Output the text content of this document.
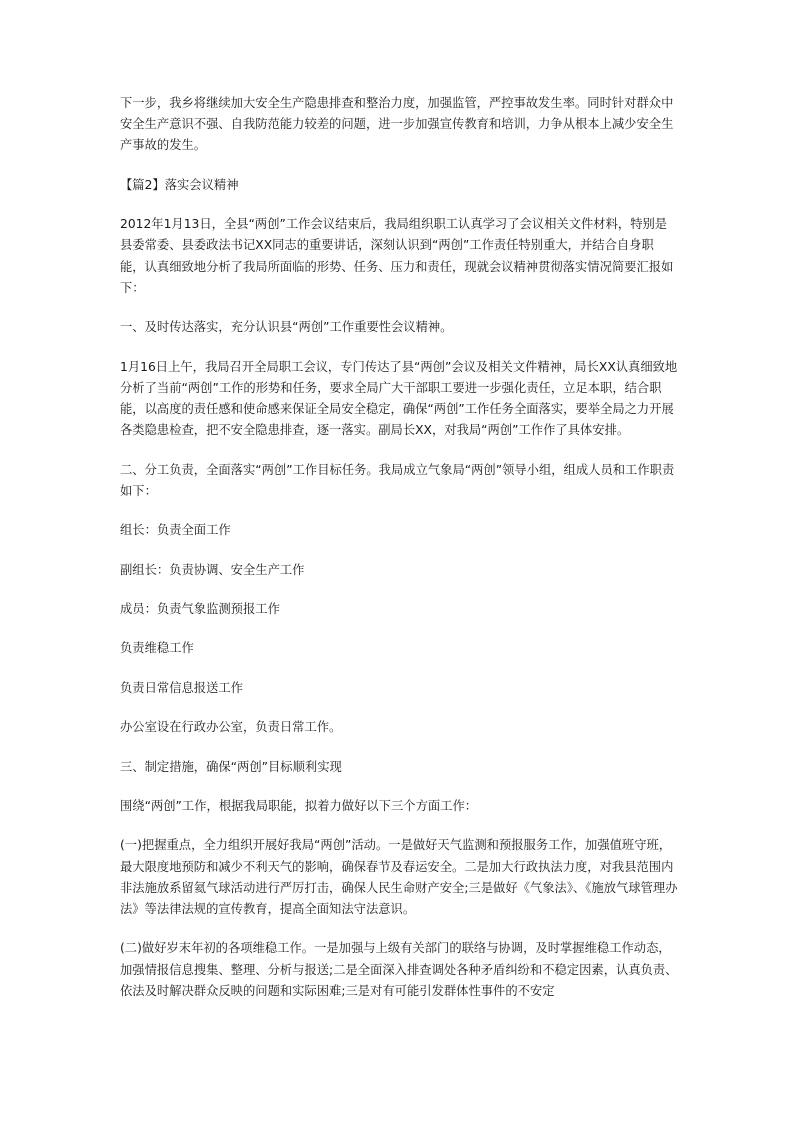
下一步，我乡将继续加大安全生产隐患排查和整治力度，加强监管，严控事故发生率。同时针对群众中安全生产意识不强、自我防范能力较差的问题，进一步加强宣传教育和培训，力争从根本上减少安全生产事故的发生。

【篇2】落实会议精神

2012年1月13日，全县“两创”工作会议结束后，我局组织职工认真学习了会议相关文件材料，特别是县委常委、县委政法书记XX同志的重要讲话，深刻认识到“两创”工作责任特别重大，并结合自身职能，认真细致地分析了我局所面临的形势、任务、压力和责任，现就会议精神贯彻落实情况简要汇报如下：

一、及时传达落实，充分认识县“两创”工作重要性会议精神。

1月16日上午，我局召开全局职工会议，专门传达了县“两创”会议及相关文件精神，局长XX认真细致地分析了当前“两创”工作的形势和任务，要求全局广大干部职工要进一步强化责任，立足本职，结合职能，以高度的责任感和使命感来保证全局安全稳定，确保“两创”工作任务全面落实，要举全局之力开展各类隐患检查，把不安全隐患排查，逐一落实。副局长XX，对我局“两创”工作作了具体安排。

二、分工负责，全面落实“两创”工作目标任务。我局成立气象局“两创”领导小组，组成人员和工作职责如下：

组长：负责全面工作

副组长：负责协调、安全生产工作

成员：负责气象监测预报工作

负责维稳工作

负责日常信息报送工作

办公室设在行政办公室，负责日常工作。

三、制定措施，确保“两创”目标顺利实现

围绕“两创”工作，根据我局职能，拟着力做好以下三个方面工作：

(一)把握重点，全力组织开展好我局“两创”活动。一是做好天气监测和预报服务工作，加强值班守班，最大限度地预防和减少不利天气的影响，确保春节及春运安全。二是加大行政执法力度，对我县范围内非法施放系留氦气球活动进行严厉打击，确保人民生命财产安全;三是做好《气象法》、《施放气球管理办法》等法律法规的宣传教育，提高全面知法守法意识。

(二)做好岁末年初的各项维稳工作。一是加强与上级有关部门的联络与协调，及时掌握维稳工作动态，加强情报信息搜集、整理、分析与报送;二是全面深入排查调处各种矛盾纠纷和不稳定因素，认真负责、依法及时解决群众反映的问题和实际困难;三是对有可能引发群体性事件的不安定
